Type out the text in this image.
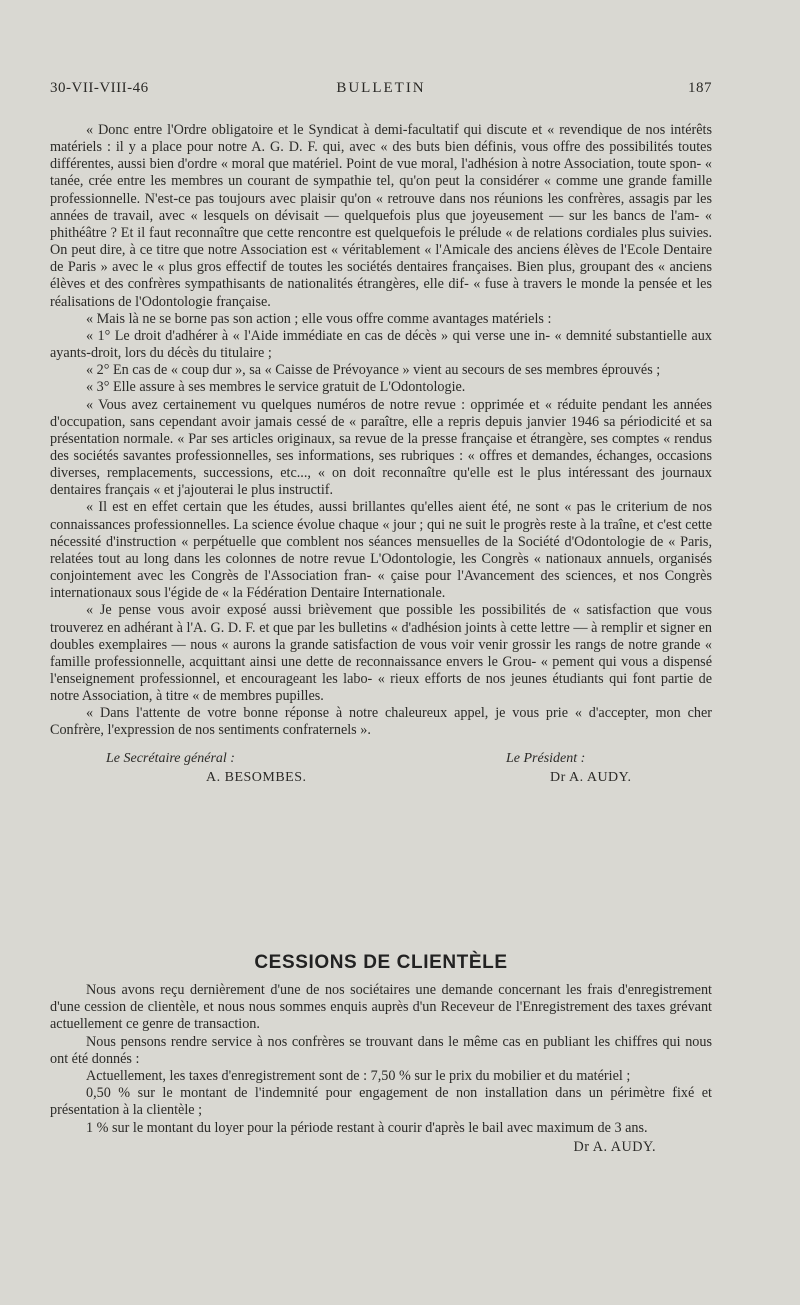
30-VII-VIII-46	BULLETIN	187

« Donc entre l'Ordre obligatoire et le Syndicat à demi-facultatif qui discute et « revendique de nos intérêts matériels : il y a place pour notre A. G. D. F. qui, avec « des buts bien définis, vous offre des possibilités toutes différentes, aussi bien d'ordre « moral que matériel. Point de vue moral, l'adhésion à notre Association, toute spon- « tanée, crée entre les membres un courant de sympathie tel, qu'on peut la considérer « comme une grande famille professionnelle. N'est-ce pas toujours avec plaisir qu'on « retrouve dans nos réunions les confrères, assagis par les années de travail, avec « lesquels on dévisait — quelquefois plus que joyeusement — sur les bancs de l'am- « phithéâtre ? Et il faut reconnaître que cette rencontre est quelquefois le prélude « de relations cordiales plus suivies. On peut dire, à ce titre que notre Association est « véritablement « l'Amicale des anciens élèves de l'Ecole Dentaire de Paris » avec le « plus gros effectif de toutes les sociétés dentaires françaises. Bien plus, groupant des « anciens élèves et des confrères sympathisants de nationalités étrangères, elle dif- « fuse à travers le monde la pensée et les réalisations de l'Odontologie française.

« Mais là ne se borne pas son action ; elle vous offre comme avantages matériels :

« 1° Le droit d'adhérer à « l'Aide immédiate en cas de décès » qui verse une in- « demnité substantielle aux ayants-droit, lors du décès du titulaire ;

« 2° En cas de « coup dur », sa « Caisse de Prévoyance » vient au secours de ses membres éprouvés ;

« 3° Elle assure à ses membres le service gratuit de L'Odontologie.

« Vous avez certainement vu quelques numéros de notre revue : opprimée et « réduite pendant les années d'occupation, sans cependant avoir jamais cessé de « paraître, elle a repris depuis janvier 1946 sa périodicité et sa présentation normale. « Par ses articles originaux, sa revue de la presse française et étrangère, ses comptes « rendus des sociétés savantes professionnelles, ses informations, ses rubriques : « offres et demandes, échanges, occasions diverses, remplacements, successions, etc..., « on doit reconnaître qu'elle est le plus intéressant des journaux dentaires français « et j'ajouterai le plus instructif.

« Il est en effet certain que les études, aussi brillantes qu'elles aient été, ne sont « pas le criterium de nos connaissances professionnelles. La science évolue chaque « jour ; qui ne suit le progrès reste à la traîne, et c'est cette nécessité d'instruction « perpétuelle que comblent nos séances mensuelles de la Société d'Odontologie de « Paris, relatées tout au long dans les colonnes de notre revue L'Odontologie, les Congrès « nationaux annuels, organisés conjointement avec les Congrès de l'Association fran- « çaise pour l'Avancement des sciences, et nos Congrès internationaux sous l'égide de « la Fédération Dentaire Internationale.

« Je pense vous avoir exposé aussi brièvement que possible les possibilités de « satisfaction que vous trouverez en adhérant à l'A. G. D. F. et que par les bulletins « d'adhésion joints à cette lettre — à remplir et signer en doubles exemplaires — nous « aurons la grande satisfaction de vous voir venir grossir les rangs de notre grande « famille professionnelle, acquittant ainsi une dette de reconnaissance envers le Grou- « pement qui vous a dispensé l'enseignement professionnel, et encourageant les labo- « rieux efforts de nos jeunes étudiants qui font partie de notre Association, à titre « de membres pupilles.

« Dans l'attente de votre bonne réponse à notre chaleureux appel, je vous prie « d'accepter, mon cher Confrère, l'expression de nos sentiments confraternels ».

Le Secrétaire général :
A. BESOMBES.
Le Président :
Dr A. AUDY.
CESSIONS DE CLIENTÈLE

Nous avons reçu dernièrement d'une de nos sociétaires une demande concernant les frais d'enregistrement d'une cession de clientèle, et nous nous sommes enquis auprès d'un Receveur de l'Enregistrement des taxes grévant actuellement ce genre de transaction.

Nous pensons rendre service à nos confrères se trouvant dans le même cas en publiant les chiffres qui nous ont été donnés :

Actuellement, les taxes d'enregistrement sont de : 7,50 % sur le prix du mobilier et du matériel ;

0,50 % sur le montant de l'indemnité pour engagement de non installation dans un périmètre fixé et présentation à la clientèle ;

1 % sur le montant du loyer pour la période restant à courir d'après le bail avec maximum de 3 ans.

Dr A. AUDY.
